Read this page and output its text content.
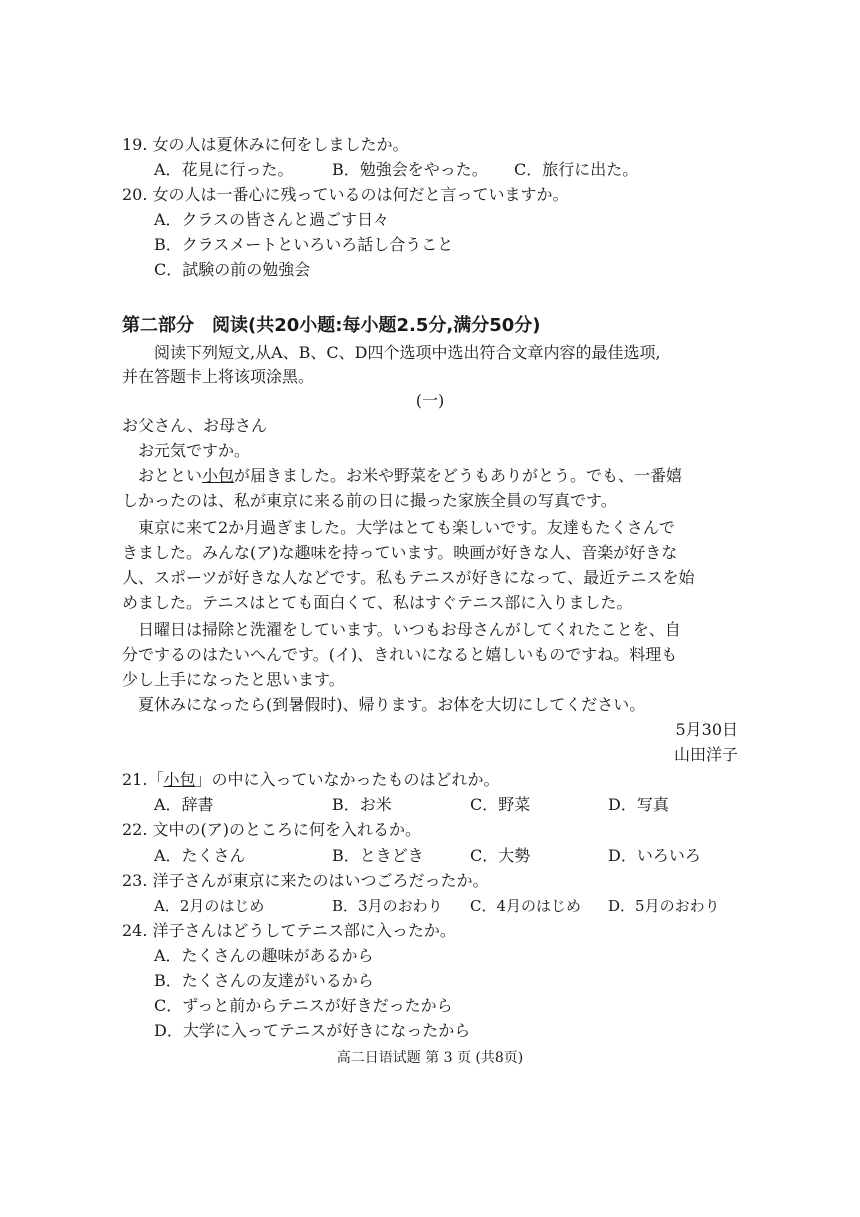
19. 女の人は夏休みに何をしましたか。
A．花見に行った。 B．勉強会をやった。 C．旅行に出た。
20. 女の人は一番心に残っているのは何だと言っていますか。
A．クラスの皆さんと過ごす日々
B．クラスメートといろいろ話し合うこと
C．試験の前の勉強会
第二部分　阅读(共20小题:每小题2.5分,满分50分)
阅读下列短文,从A、B、C、D四个选项中选出符合文章内容的最佳选项,
并在答题卡上将该项涂黑。
(一)
お父さん、お母さん
お元気ですか。
おととい小包が届きました。お米や野菜をどうもありがとう。でも、一番嬉
しかったのは、私が東京に来る前の日に撮った家族全員の写真です。
東京に来て2か月過ぎました。大学はとても楽しいです。友達もたくさんで
きました。みんな(ア)な趣味を持っています。映画が好きな人、音楽が好きな
人、スポーツが好きな人などです。私もテニスが好きになって、最近テニスを始
めました。テニスはとても面白くて、私はすぐテニス部に入りました。
日曜日は掃除と洗濯をしています。いつもお母さんがしてくれたことを、自
分でするのはたいへんです。(イ)、きれいになると嬉しいものですね。料理も
少し上手になったと思います。
夏休みになったら(到暑假时)、帰ります。お体を大切にしてください。
5月30日
山田洋子
21.「小包」の中に入っていなかったものはどれか。
A．辞書	B．お米	C．野菜	D．写真
22. 文中の(ア)のところに何を入れるか。
A．たくさん	B．ときどき	C．大勢	D．いろいろ
23. 洋子さんが東京に来たのはいつごろだったか。
A．2月のはじめ	B．3月のおわり C．4月のはじめ D．5月のおわり
24. 洋子さんはどうしてテニス部に入ったか。
A．たくさんの趣味があるから
B．たくさんの友達がいるから
C．ずっと前からテニスが好きだったから
D．大学に入ってテニスが好きになったから
高二日语试题 第 3 页 (共8页)
